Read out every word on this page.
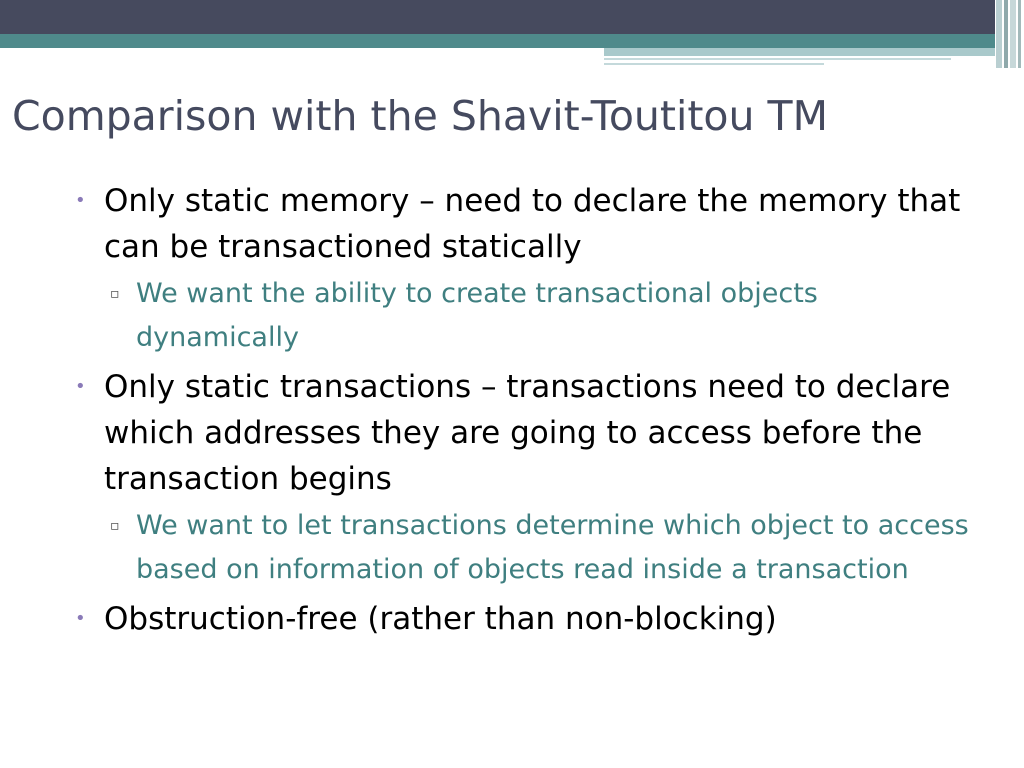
Comparison with the Shavit-Toutitou TM
• Only static memory – need to declare the memory that can be transactioned statically
▫ We want the ability to create transactional objects dynamically
• Only static transactions – transactions need to declare which addresses they are going to access before the transaction begins
▫ We want to let transactions determine which object to access based on information of objects read inside a transaction
• Obstruction-free (rather than non-blocking)
